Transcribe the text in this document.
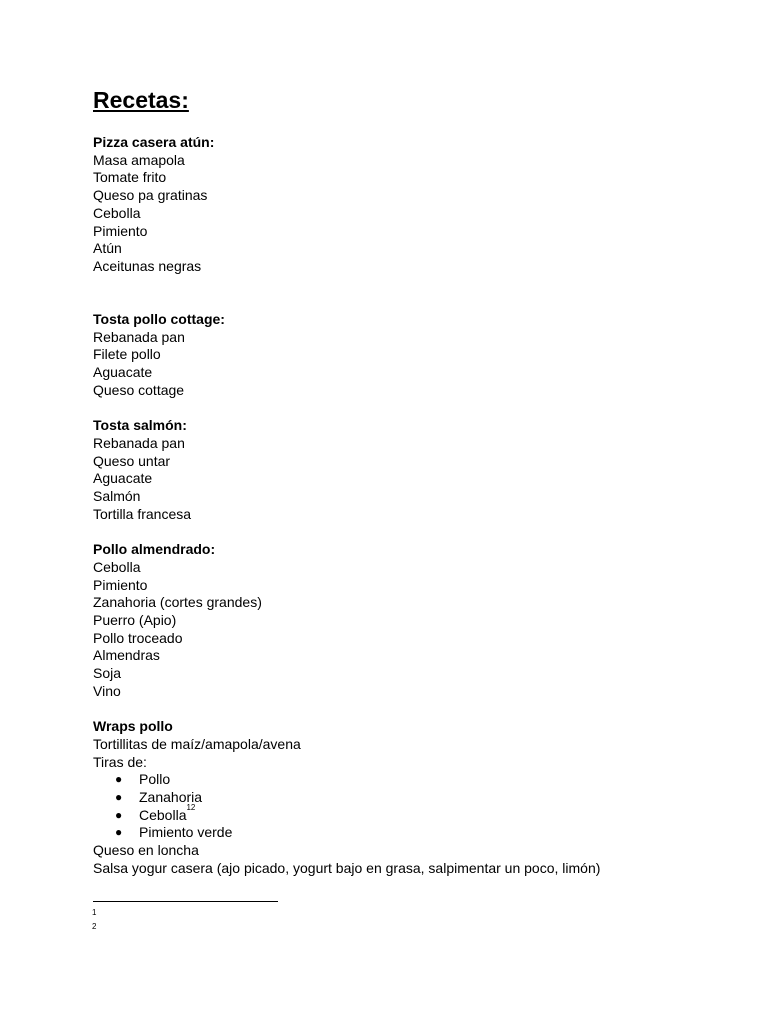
Recetas:
Pizza casera atún:
Masa amapola
Tomate frito
Queso pa gratinas
Cebolla
Pimiento
Atún
Aceitunas negras
Tosta pollo cottage:
Rebanada pan
Filete pollo
Aguacate
Queso cottage
Tosta salmón:
Rebanada pan
Queso untar
Aguacate
Salmón
Tortilla francesa
Pollo almendrado:
Cebolla
Pimiento
Zanahoria (cortes grandes)
Puerro (Apio)
Pollo troceado
Almendras
Soja
Vino
Wraps pollo
Tortillitas de maíz/amapola/avena
Tiras de:
● Pollo
● Zanahoria
● Cebolla$^{12}$
● Pimiento verde
Queso en loncha
Salsa yogur casera (ajo picado, yogurt bajo en grasa, salpimentar un poco, limón)
1
2
